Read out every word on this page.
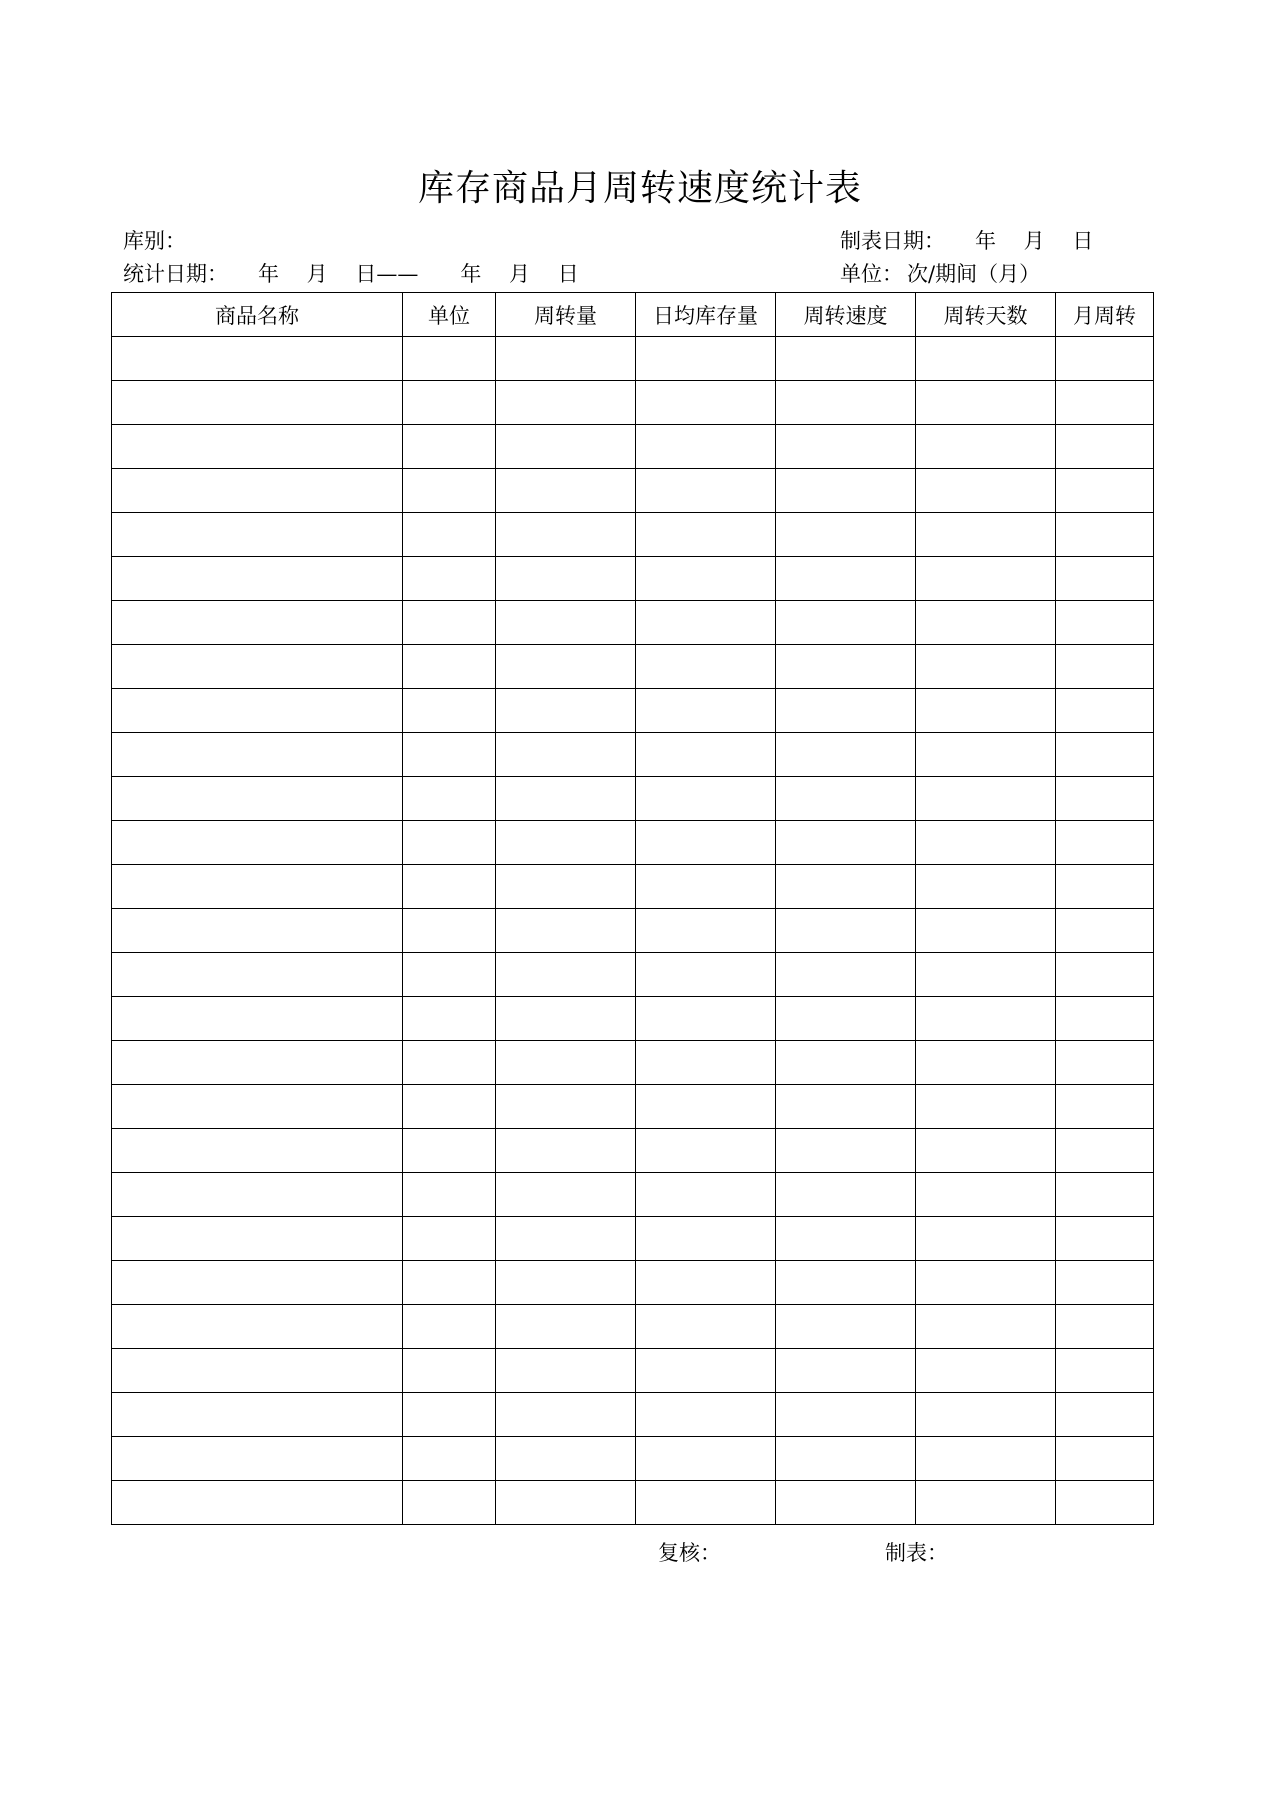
库存商品月周转速度统计表
库别：	制表日期： 年　 月　 日
统计日期： 年　 月　 日——　　年　 月　 日	单位： 次/期间（月）
商品名称	单位	周转量	日均库存量	周转速度	周转天数	月周转

复核：	制表：
